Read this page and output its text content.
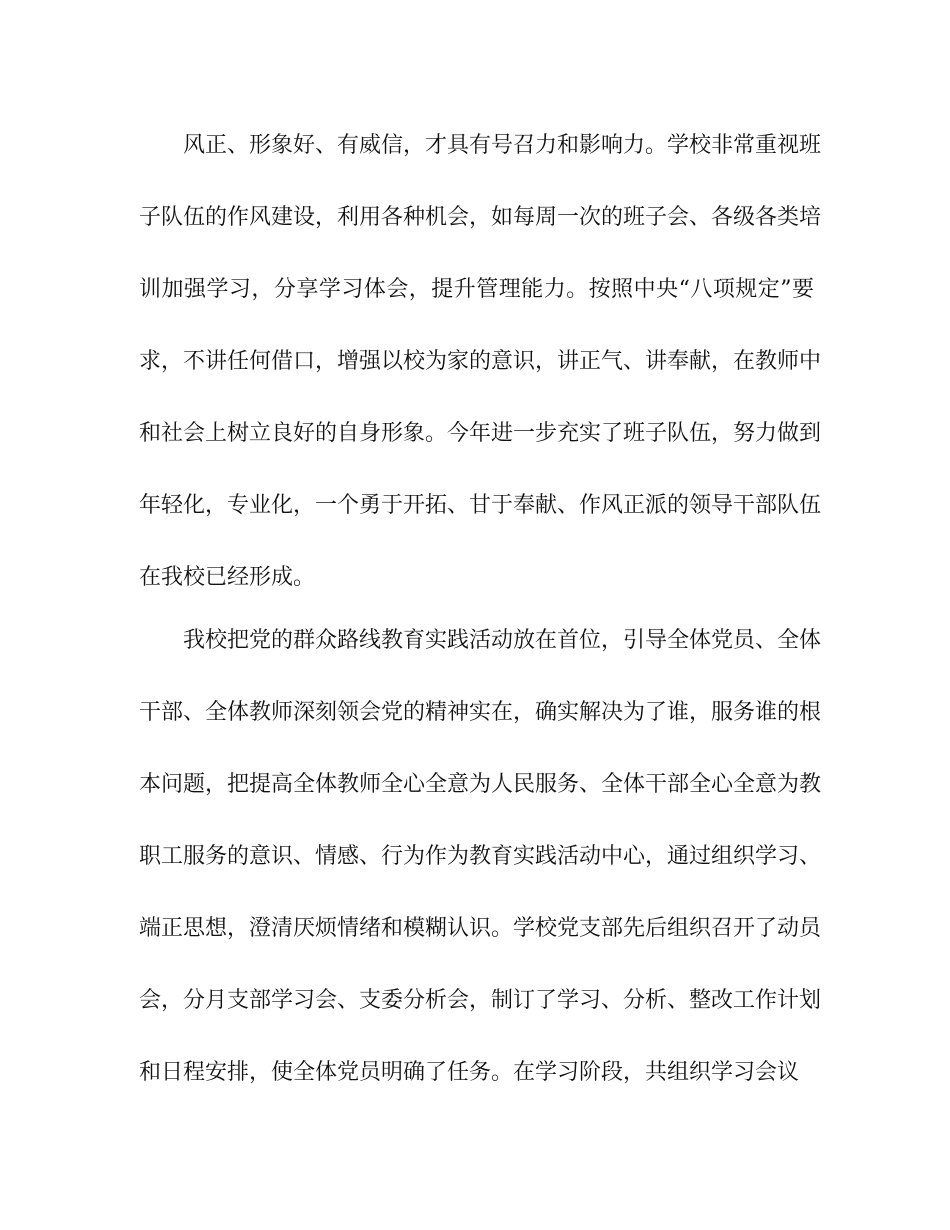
风正、形象好、有威信，才具有号召力和影响力。学校非常重视班
子队伍的作风建设，利用各种机会，如每周一次的班子会、各级各类培
训加强学习，分享学习体会，提升管理能力。按照中央“八项规定”要
求，不讲任何借口，增强以校为家的意识，讲正气、讲奉献，在教师中
和社会上树立良好的自身形象。今年进一步充实了班子队伍，努力做到
年轻化，专业化，一个勇于开拓、甘于奉献、作风正派的领导干部队伍
在我校已经形成。
我校把党的群众路线教育实践活动放在首位，引导全体党员、全体
干部、全体教师深刻领会党的精神实在，确实解决为了谁，服务谁的根
本问题，把提高全体教师全心全意为人民服务、全体干部全心全意为教
职工服务的意识、情感、行为作为教育实践活动中心，通过组织学习、
端正思想，澄清厌烦情绪和模糊认识。学校党支部先后组织召开了动员
会，分月支部学习会、支委分析会，制订了学习、分析、整改工作计划
和日程安排，使全体党员明确了任务。在学习阶段，共组织学习会议
